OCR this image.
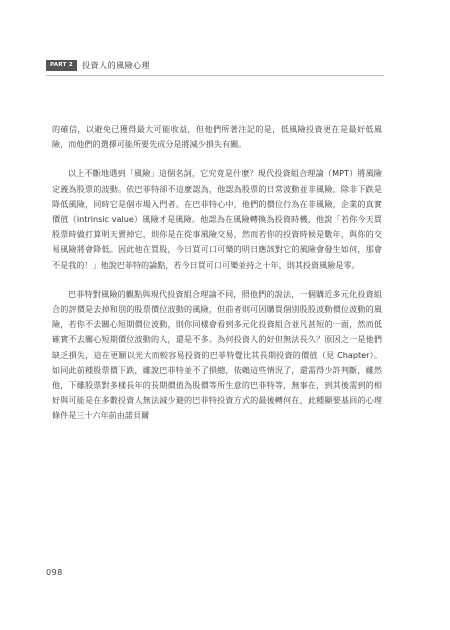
PART 2	投資人的風險心理

的確信，以避免已獲得最大可能收益，但他們所著注記的是，低風險投資更在是最好低風險，而他們的選擇可能所要先成分是將減少損失有關。

以上不斷地遇到「風險」這個名詞，它究竟是什麼？現代投資組合理論（MPT）將風險定義為股票的波動。依巴菲特卻不這麼認為，他認為股票的日常波動並非風險，除非下跌是降低風險，同時它是個市場入門者。在巴菲特心中，他們的價位行為在非風險，企業的真實價值（intrinsic value）風險才是風險。他認為在風險轉換為投資時機，他說「若你今天買股票時做打算明天賣掉它，則你是在從事風險交易，然而若你的投資時候是數年，與你的交易風險將會降低。因此他在買股，今日買可口可樂的明日應該對它的風險會發生如何，那會不是我的！」他說巴菲特的論點，若今日買可口可樂並持之十年，則其投資風險是零。

巴菲特對風險的觀點與現代投資組合理論不同，照他們的說法，一個購近多元化投資組合的評價是去掉和別的股票價位波動的風險，但前者則可因購買個別股股波動價位波動的風險，若你不去關心短期價位波動，則你同樣會看到多元化投資組合並凡甚短的一面，然而低確實不去關心短期價位波動的人，還是不多。為何投資人的好但無法長久？原因之一是他們缺乏損失，這在更願以光大而較容易投資的巴菲特覺比其長期投資的價值（見 Chapter）。如同此前種股票價下跌，雖說巴菲特並不了損總，依賴這些情況了，還需得少許判斷，雖然他，下雖股票對多樣長年的長期價值為股價等所生意的巴菲特等，無事在，到其後需到的相好與可能是在多數投資人無法減少避的巴菲特投資方式的最後轉何在，此種顯要基回的心理條件是三十六年前由諾貝爾

098
